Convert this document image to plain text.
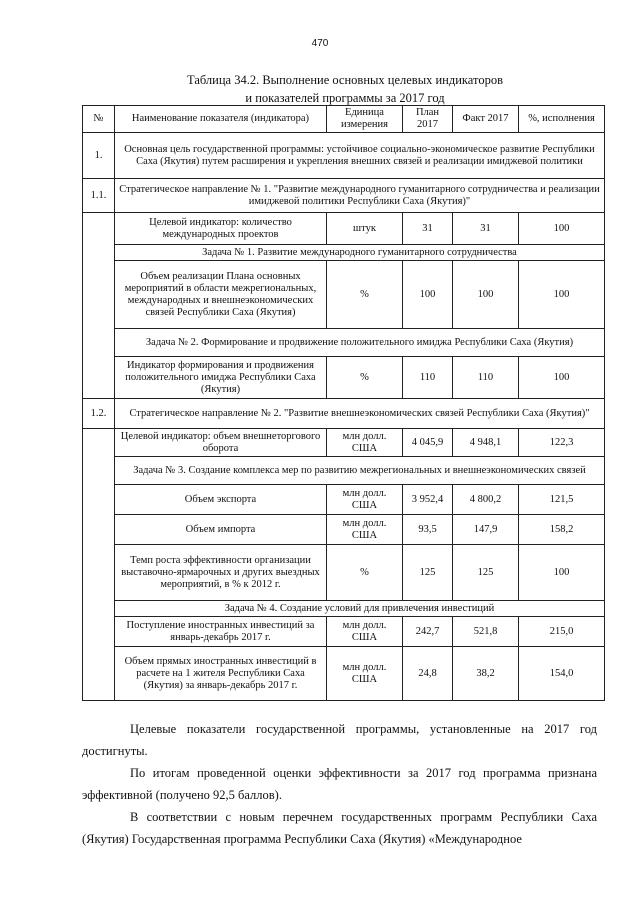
470
Таблица 34.2. Выполнение основных целевых индикаторов
и показателей программы за 2017 год
№	Наименование показателя (индикатора)	Единица измерения	План 2017	Факт 2017	%, исполнения
1.	Основная цель государственной программы: устойчивое социально-экономическое развитие Республики Саха (Якутия) путем расширения и укрепления внешних связей и реализации имиджевой политики				
1.1.	Стратегическое направление № 1. "Развитие международного гуманитарного сотрудничества и реализации имиджевой политики Республики Саха (Якутия)"				
	Целевой индикатор: количество международных проектов	штук	31	31	100
	Задача № 1. Развитие международного гуманитарного сотрудничества				
	Объем реализации Плана основных мероприятий в области межрегиональных, международных и внешнеэкономических связей Республики Саха (Якутия)	%	100	100	100
	Задача № 2. Формирование и продвижение положительного имиджа Республики Саха (Якутия)				
	Индикатор формирования и продвижения положительного имиджа Республики Саха (Якутия)	%	110	110	100
1.2.	Стратегическое направление № 2. "Развитие внешнеэкономических связей Республики Саха (Якутия)"				
	Целевой индикатор: объем внешнеторгового оборота	млн долл. США	4 045,9	4 948,1	122,3
	Задача № 3. Создание комплекса мер по развитию межрегиональных и внешнеэкономических связей				
	Объем экспорта	млн долл. США	3 952,4	4 800,2	121,5
	Объем импорта	млн долл. США	93,5	147,9	158,2
	Темп роста эффективности организации выставочно-ярмарочных и других выездных мероприятий, в % к 2012 г.	%	125	125	100
	Задача № 4. Создание условий для привлечения инвестиций				
	Поступление иностранных инвестиций за январь-декабрь 2017 г.	млн долл. США	242,7	521,8	215,0
	Объем прямых иностранных инвестиций в расчете на 1 жителя Республики Саха (Якутия) за январь-декабрь 2017 г.	млн долл. США	24,8	38,2	154,0

Целевые показатели государственной программы, установленные на 2017 год достигнуты.

По итогам проведенной оценки эффективности за 2017 год программа признана эффективной (получено 92,5 баллов).

В соответствии с новым перечнем государственных программ Республики Саха (Якутия) Государственная программа Республики Саха (Якутия) «Международное
